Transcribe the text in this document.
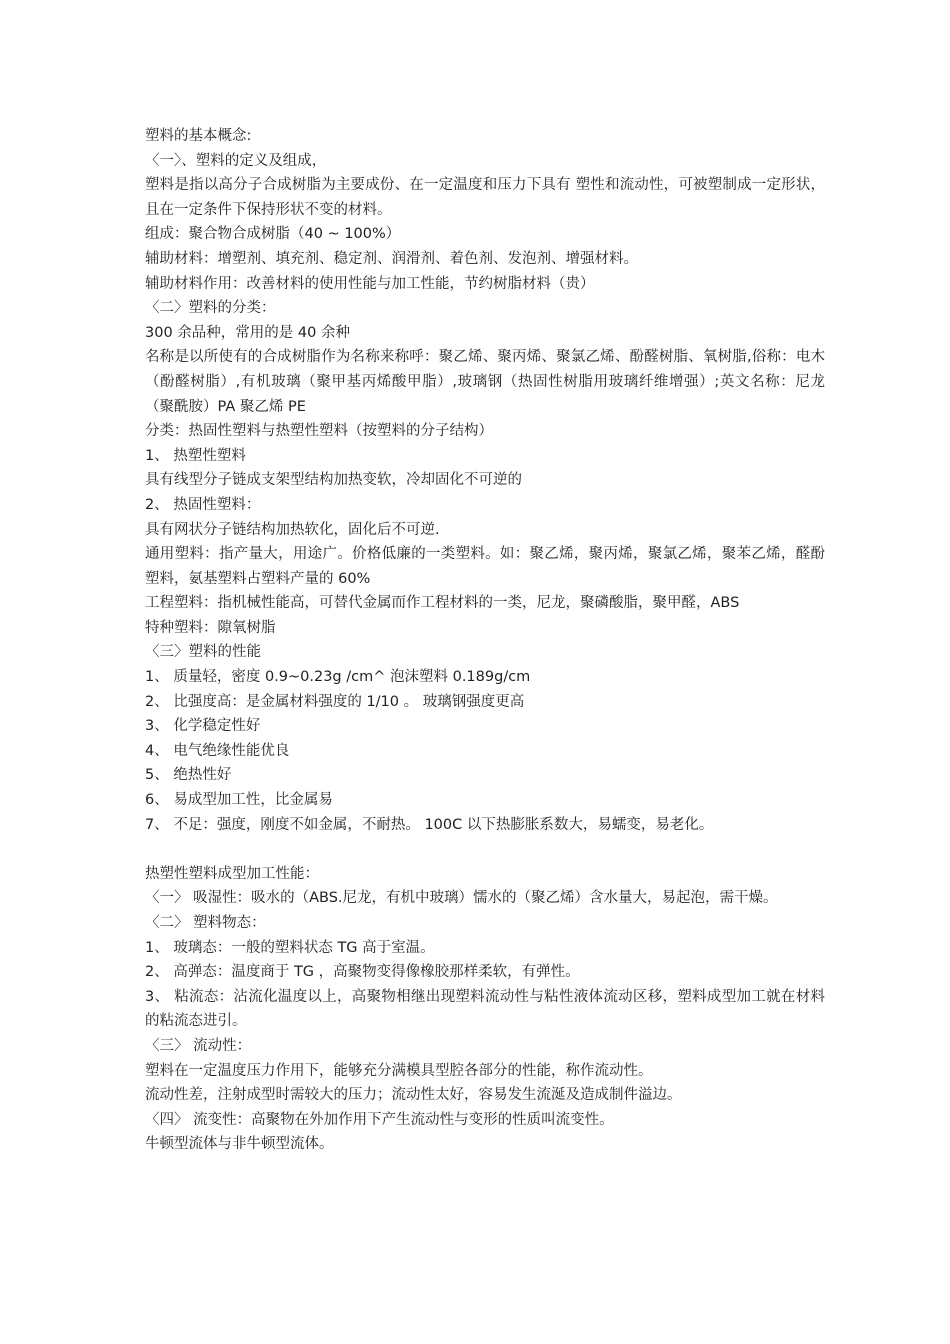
塑料的基本概念:
〈一〉、塑料的定义及组成，
塑料是指以高分子合成树脂为主要成份、在一定温度和压力下具有 塑性和流动性，可被塑制成一定形状，且在一定条件下保持形状不变的材料。
组成：聚合物合成树脂（40 ~ 100%）
辅助材料：增塑剂、填充剂、稳定剂、润滑剂、着色剂、发泡剂、增强材料。
辅助材料作用：改善材料的使用性能与加工性能，节约树脂材料（贵）
〈二〉塑料的分类：
300 余品种，常用的是 40 余种
名称是以所使有的合成树脂作为名称来称呼：聚乙烯、聚丙烯、聚氯乙烯、酚醛树脂、氧树脂,俗称：电木（酚醛树脂）,有机玻璃（聚甲基丙烯酸甲脂）,玻璃钢（热固性树脂用玻璃纤维增强）;英文名称：尼龙（聚酰胺）PA 聚乙烯 PE
分类：热固性塑料与热塑性塑料（按塑料的分子结构）
1、 热塑性塑料
具有线型分子链成支架型结构加热变软，冷却固化不可逆的
2、 热固性塑料：
具有网状分子链结构加热软化，固化后不可逆.
通用塑料：指产量大，用途广。价格低廉的一类塑料。如：聚乙烯，聚丙烯，聚氯乙烯，聚苯乙烯，醛酚塑料，氨基塑料占塑料产量的 60%
工程塑料：指机械性能高，可替代金属而作工程材料的一类，尼龙，聚磷酸脂，聚甲醛，ABS
特种塑料：隙氧树脂
〈三〉塑料的性能
1、 质量轻，密度 0.9~0.23g /cm^ 泡沫塑料 0.189g/cm
2、 比强度高：是金属材料强度的 1/10 。 玻璃钢强度更高
3、 化学稳定性好
4、 电气绝缘性能优良
5、 绝热性好
6、 易成型加工性，比金属易
7、 不足：强度，刚度不如金属，不耐热。 100C 以下热膨胀系数大，易蠕变，易老化。
热塑性塑料成型加工性能：
〈一〉 吸湿性：吸水的（ABS.尼龙，有机中玻璃）懦水的（聚乙烯）含水量大，易起泡，需干燥。
〈二〉 塑料物态：
1、 玻璃态：一般的塑料状态 TG 高于室温。
2、 高弹态：温度商于 TG ，高聚物变得像橡胶那样柔软，有弹性。
3、 粘流态：沾流化温度以上，高聚物相继出现塑料流动性与粘性液体流动区移，塑料成型加工就在材料的粘流态进引。
〈三〉 流动性：
塑料在一定温度压力作用下，能够充分满模具型腔各部分的性能，称作流动性。
流动性差，注射成型时需较大的压力；流动性太好，容易发生流涎及造成制件溢边。
〈四〉 流变性：高聚物在外加作用下产生流动性与变形的性质叫流变性。
牛顿型流体与非牛顿型流体。
